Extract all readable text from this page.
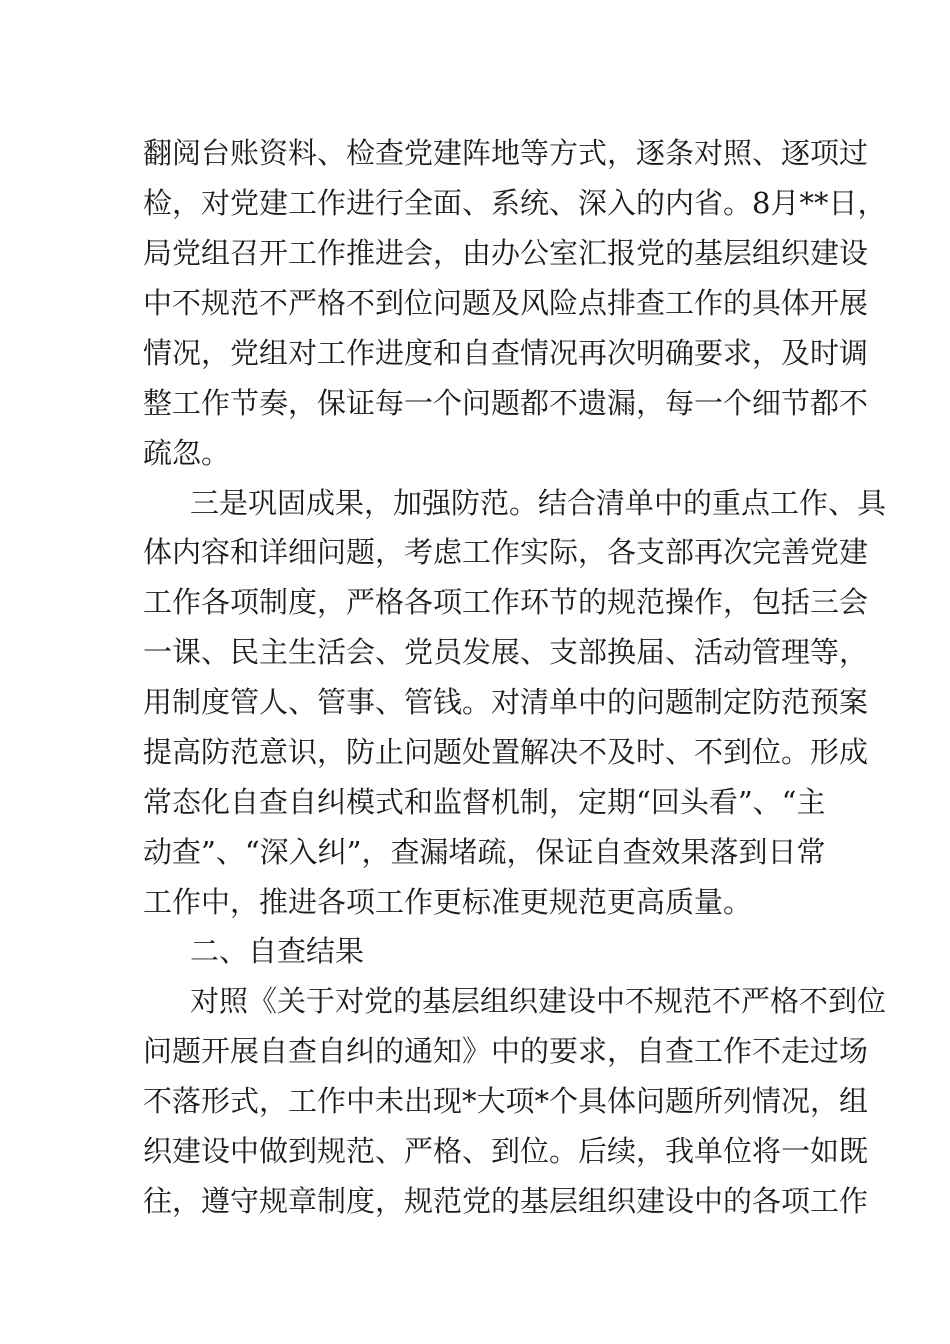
翻阅台账资料、检查党建阵地等方式，逐条对照、逐项过
检，对党建工作进行全面、系统、深入的内省。8月**日，
局党组召开工作推进会，由办公室汇报党的基层组织建设
中不规范不严格不到位问题及风险点排查工作的具体开展
情况，党组对工作进度和自查情况再次明确要求，及时调
整工作节奏，保证每一个问题都不遗漏，每一个细节都不
疏忽。
三是巩固成果，加强防范。结合清单中的重点工作、具
体内容和详细问题，考虑工作实际，各支部再次完善党建
工作各项制度，严格各项工作环节的规范操作，包括三会
一课、民主生活会、党员发展、支部换届、活动管理等，
用制度管人、管事、管钱。对清单中的问题制定防范预案
提高防范意识，防止问题处置解决不及时、不到位。形成
常态化自查自纠模式和监督机制，定期“回头看”、“主
动查”、“深入纠”，查漏堵疏，保证自查效果落到日常
工作中，推进各项工作更标准更规范更高质量。
二、自查结果
对照《关于对党的基层组织建设中不规范不严格不到位
问题开展自查自纠的通知》中的要求，自查工作不走过场
不落形式，工作中未出现*大项*个具体问题所列情况，组
织建设中做到规范、严格、到位。后续，我单位将一如既
往，遵守规章制度，规范党的基层组织建设中的各项工作
